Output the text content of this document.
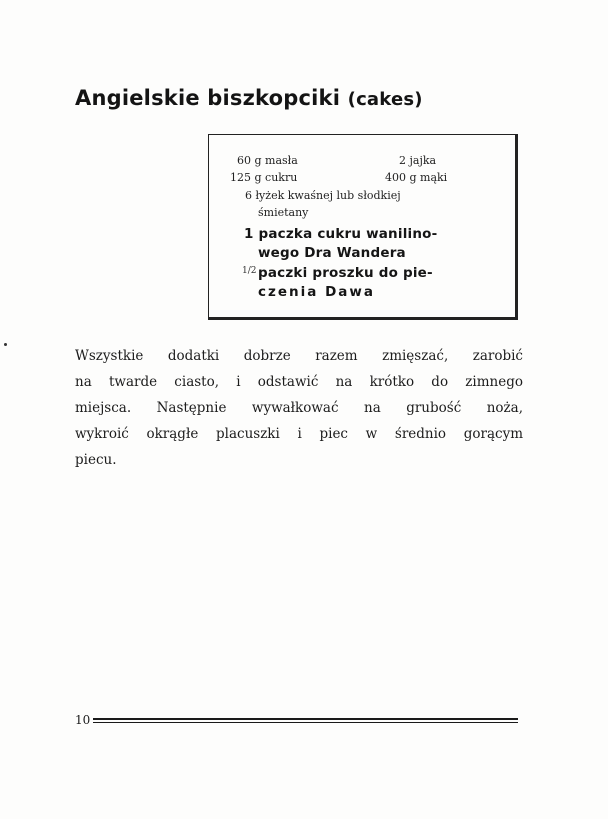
Angielskie biszkopciki (cakes)
60 g masła	2 jajka
125 g cukru	400 g mąki
6 łyżek kwaśnej lub słodkiej
śmietany
1 paczka cukru wanilino-
wego Dra Wandera
1/2 paczki proszku do pie-
czenia Dawa

Wszystkie dodatki dobrze razem zmięszać, zarobić
na twarde ciasto, i odstawić na krótko do zimnego
miejsca. Następnie wywałkować na grubość noża,
wykroić okrągłe placuszki i piec w średnio gorącym
piecu.

10
